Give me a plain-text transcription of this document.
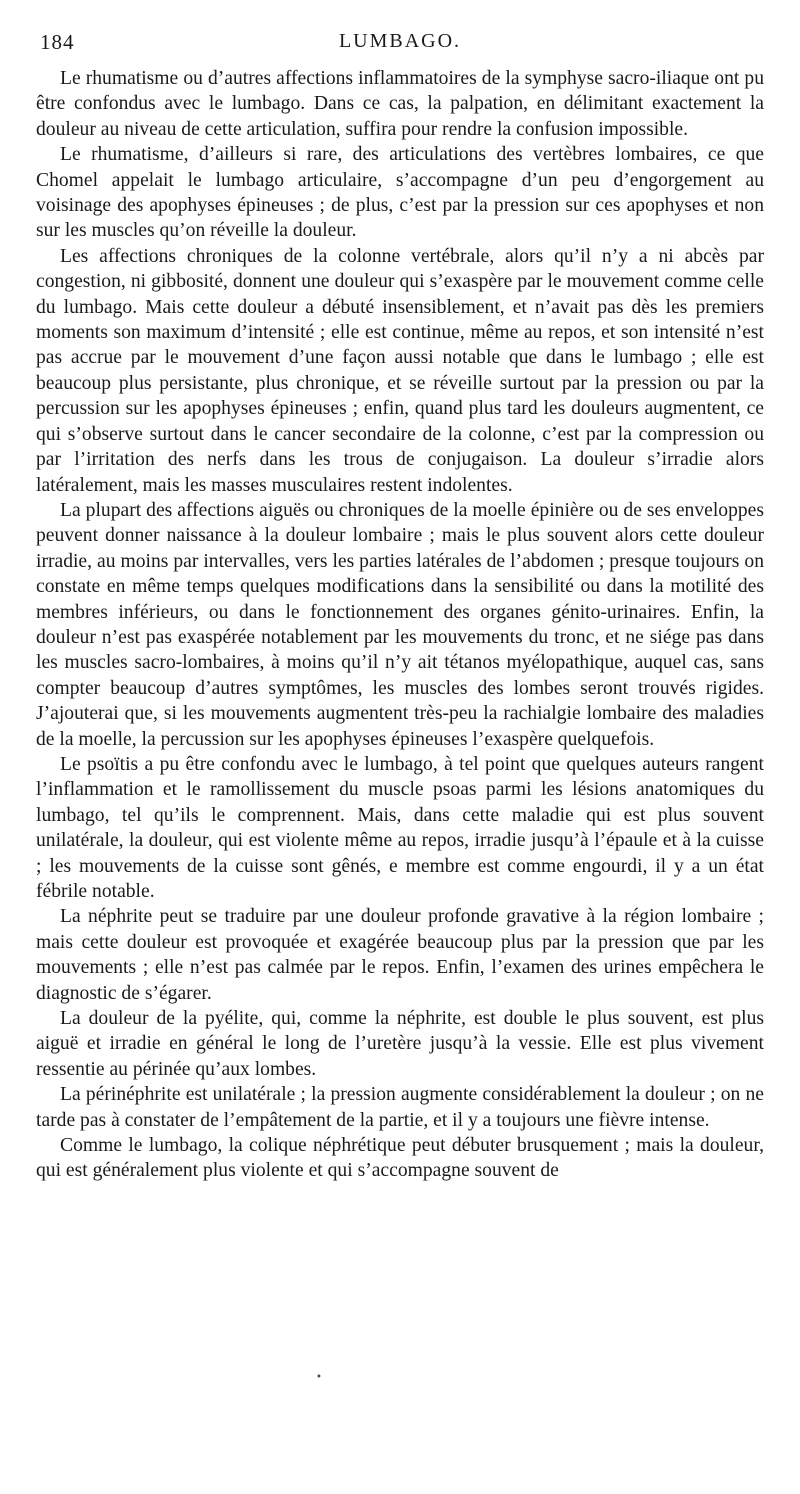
184	LUMBAGO.

Le rhumatisme ou d’autres affections inflammatoires de la symphyse sacro-iliaque ont pu être confondus avec le lumbago. Dans ce cas, la palpation, en délimitant exactement la douleur au niveau de cette articulation, suffira pour rendre la confusion impossible.

Le rhumatisme, d’ailleurs si rare, des articulations des vertèbres lombaires, ce que Chomel appelait le lumbago articulaire, s’accompagne d’un peu d’engorgement au voisinage des apophyses épineuses ; de plus, c’est par la pression sur ces apophyses et non sur les muscles qu’on réveille la douleur.

Les affections chroniques de la colonne vertébrale, alors qu’il n’y a ni abcès par congestion, ni gibbosité, donnent une douleur qui s’exaspère par le mouvement comme celle du lumbago. Mais cette douleur a débuté insensiblement, et n’avait pas dès les premiers moments son maximum d’intensité ; elle est continue, même au repos, et son intensité n’est pas accrue par le mouvement d’une façon aussi notable que dans le lumbago ; elle est beaucoup plus persistante, plus chronique, et se réveille surtout par la pression ou par la percussion sur les apophyses épineuses ; enfin, quand plus tard les douleurs augmentent, ce qui s’observe surtout dans le cancer secondaire de la colonne, c’est par la compression ou par l’irritation des nerfs dans les trous de conjugaison. La douleur s’irradie alors latéralement, mais les masses musculaires restent indolentes.

La plupart des affections aiguës ou chroniques de la moelle épinière ou de ses enveloppes peuvent donner naissance à la douleur lombaire ; mais le plus souvent alors cette douleur irradie, au moins par intervalles, vers les parties latérales de l’abdomen ; presque toujours on constate en même temps quelques modifications dans la sensibilité ou dans la motilité des membres inférieurs, ou dans le fonctionnement des organes génito-urinaires. Enfin, la douleur n’est pas exaspérée notablement par les mouvements du tronc, et ne siége pas dans les muscles sacro-lombaires, à moins qu’il n’y ait tétanos myélopathique, auquel cas, sans compter beaucoup d’autres symptômes, les muscles des lombes seront trouvés rigides. J’ajouterai que, si les mouvements augmentent très-peu la rachialgie lombaire des maladies de la moelle, la percussion sur les apophyses épineuses l’exaspère quelquefois.

Le psoïtis a pu être confondu avec le lumbago, à tel point que quelques auteurs rangent l’inflammation et le ramollissement du muscle psoas parmi les lésions anatomiques du lumbago, tel qu’ils le comprennent. Mais, dans cette maladie qui est plus souvent unilatérale, la douleur, qui est violente même au repos, irradie jusqu’à l’épaule et à la cuisse ; les mouvements de la cuisse sont gênés, e membre est comme engourdi, il y a un état fébrile notable.

La néphrite peut se traduire par une douleur profonde gravative à la région lombaire ; mais cette douleur est provoquée et exagérée beaucoup plus par la pression que par les mouvements ; elle n’est pas calmée par le repos. Enfin, l’examen des urines empêchera le diagnostic de s’égarer.

La douleur de la pyélite, qui, comme la néphrite, est double le plus souvent, est plus aiguë et irradie en général le long de l’uretère jusqu’à la vessie. Elle est plus vivement ressentie au périnée qu’aux lombes.

La périnéphrite est unilatérale ; la pression augmente considérablement la douleur ; on ne tarde pas à constater de l’empâtement de la partie, et il y a toujours une fièvre intense.

Comme le lumbago, la colique néphrétique peut débuter brusquement ; mais la douleur, qui est généralement plus violente et qui s’accompagne souvent de

•
